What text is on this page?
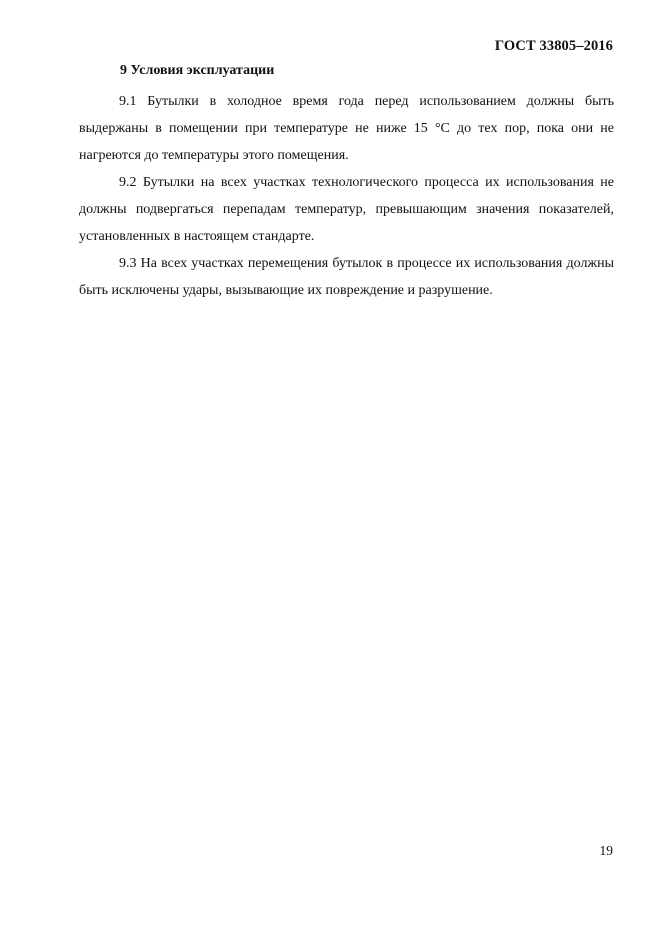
ГОСТ 33805–2016
9 Условия эксплуатации

9.1 Бутылки в холодное время года перед использованием должны быть выдержаны в помещении при температуре не ниже 15 °С до тех пор, пока они не нагреются до температуры этого помещения.

9.2 Бутылки на всех участках технологического процесса их использования не должны подвергаться перепадам температур, превышающим значения показателей, установленных в настоящем стандарте.

9.3 На всех участках перемещения бутылок в процессе их использования должны быть исключены удары, вызывающие их повреждение и разрушение.

19
